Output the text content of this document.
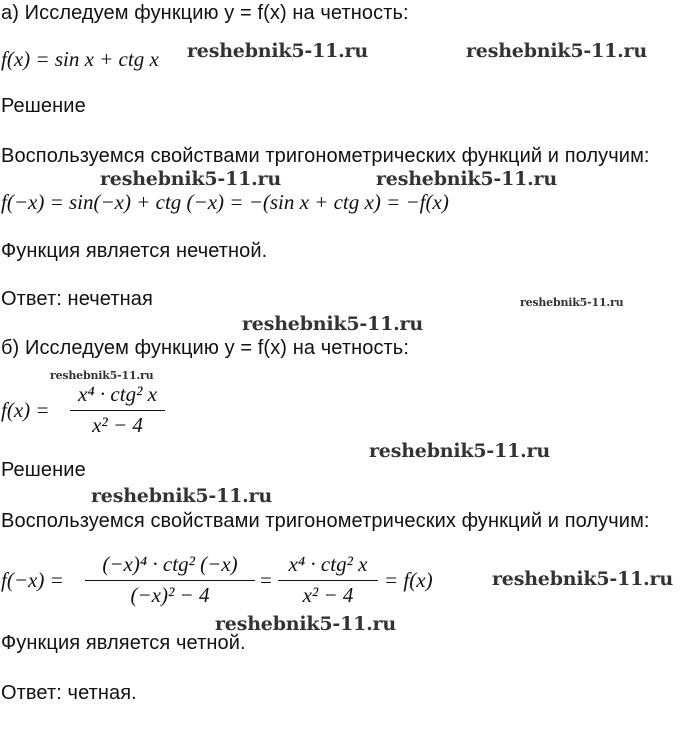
а) Исследуем функцию y = f(x) на четность:
f(x) = sin x + ctg x
Решение
Воспользуемся свойствами тригонометрических функций и получим:
f(−x) = sin(−x) + ctg (−x) = −(sin x + ctg x) = −f(x)
Функция является нечетной.
Ответ: нечетная
б) Исследуем функцию y = f(x) на четность:
f(x) =
x⁴ · ctg² x
x² − 4
Решение
Воспользуемся свойствами тригонометрических функций и получим:
f(−x) =
(−x)⁴ · ctg² (−x)
(−x)² − 4
=
x⁴ · ctg² x
x² − 4
= f(x)
Функция является четной.
Ответ: четная.
reshebnik5-11.ru	reshebnik5-11.ru
reshebnik5-11.ru	reshebnik5-11.ru
reshebnik5-11.ru
reshebnik5-11.ru
reshebnik5-11.ru
reshebnik5-11.ru
reshebnik5-11.ru
reshebnik5-11.ru
reshebnik5-11.ru
